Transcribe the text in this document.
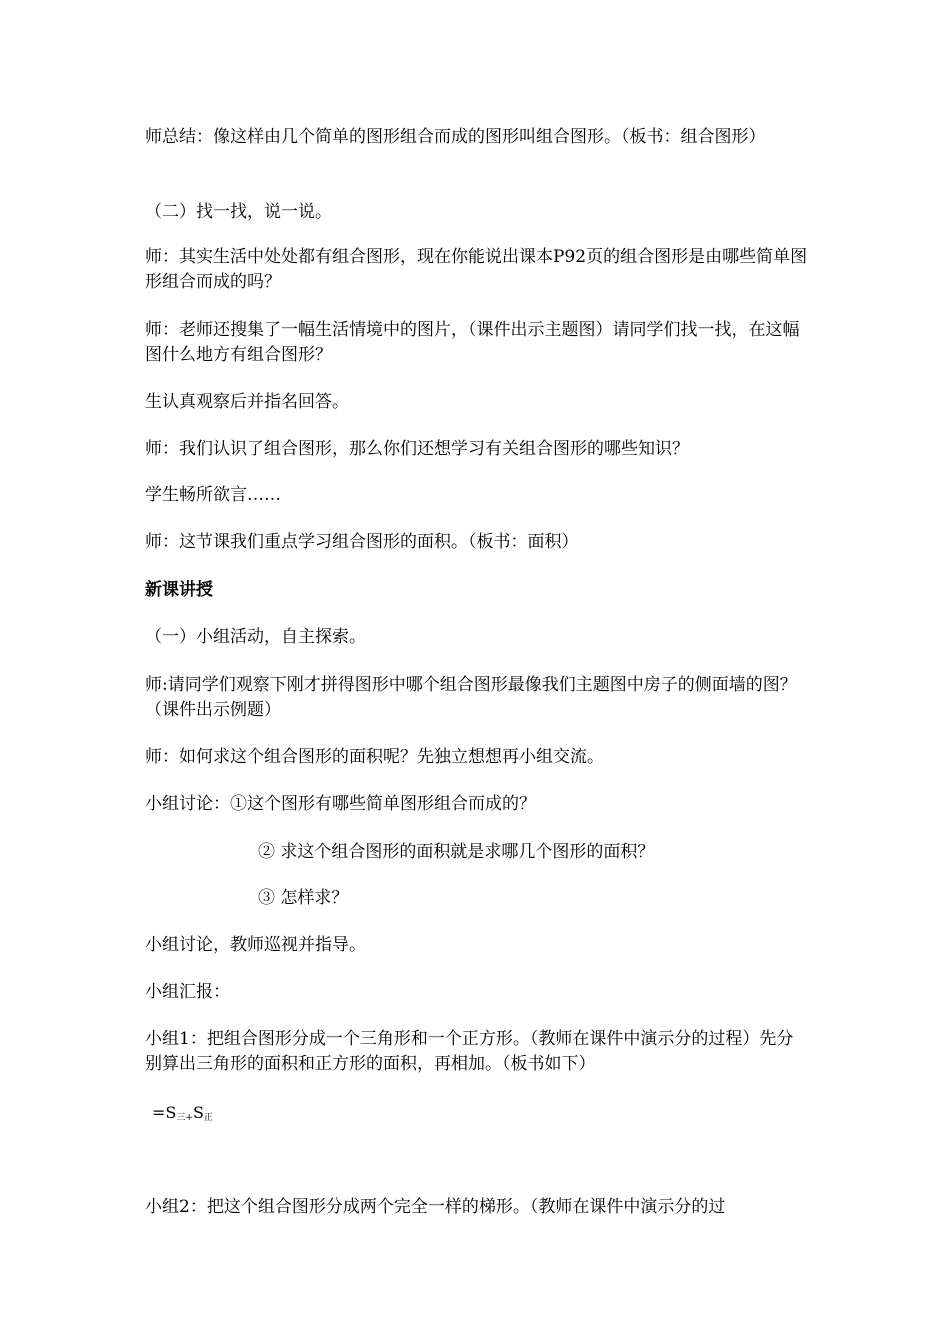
师总结：像这样由几个简单的图形组合而成的图形叫组合图形。（板书：组合图形）

（二）找一找，说一说。

师：其实生活中处处都有组合图形，现在你能说出课本P92页的组合图形是由哪些简单图形组合而成的吗？

师：老师还搜集了一幅生活情境中的图片，（课件出示主题图）请同学们找一找，在这幅图什么地方有组合图形？

生认真观察后并指名回答。

师：我们认识了组合图形，那么你们还想学习有关组合图形的哪些知识？

学生畅所欲言……

师：这节课我们重点学习组合图形的面积。（板书：面积）

新课讲授

（一）小组活动，自主探索。

师:请同学们观察下刚才拼得图形中哪个组合图形最像我们主题图中房子的侧面墙的图？（课件出示例题）

师：如何求这个组合图形的面积呢？先独立想想再小组交流。

小组讨论：①这个图形有哪些简单图形组合而成的？

② 求这个组合图形的面积就是求哪几个图形的面积？

③ 怎样求？

小组讨论，教师巡视并指导。

小组汇报：

小组1：把组合图形分成一个三角形和一个正方形。（教师在课件中演示分的过程）先分别算出三角形的面积和正方形的面积，再相加。（板书如下）

$=S_{三+}S_正$

小组2：把这个组合图形分成两个完全一样的梯形。（教师在课件中演示分的过
